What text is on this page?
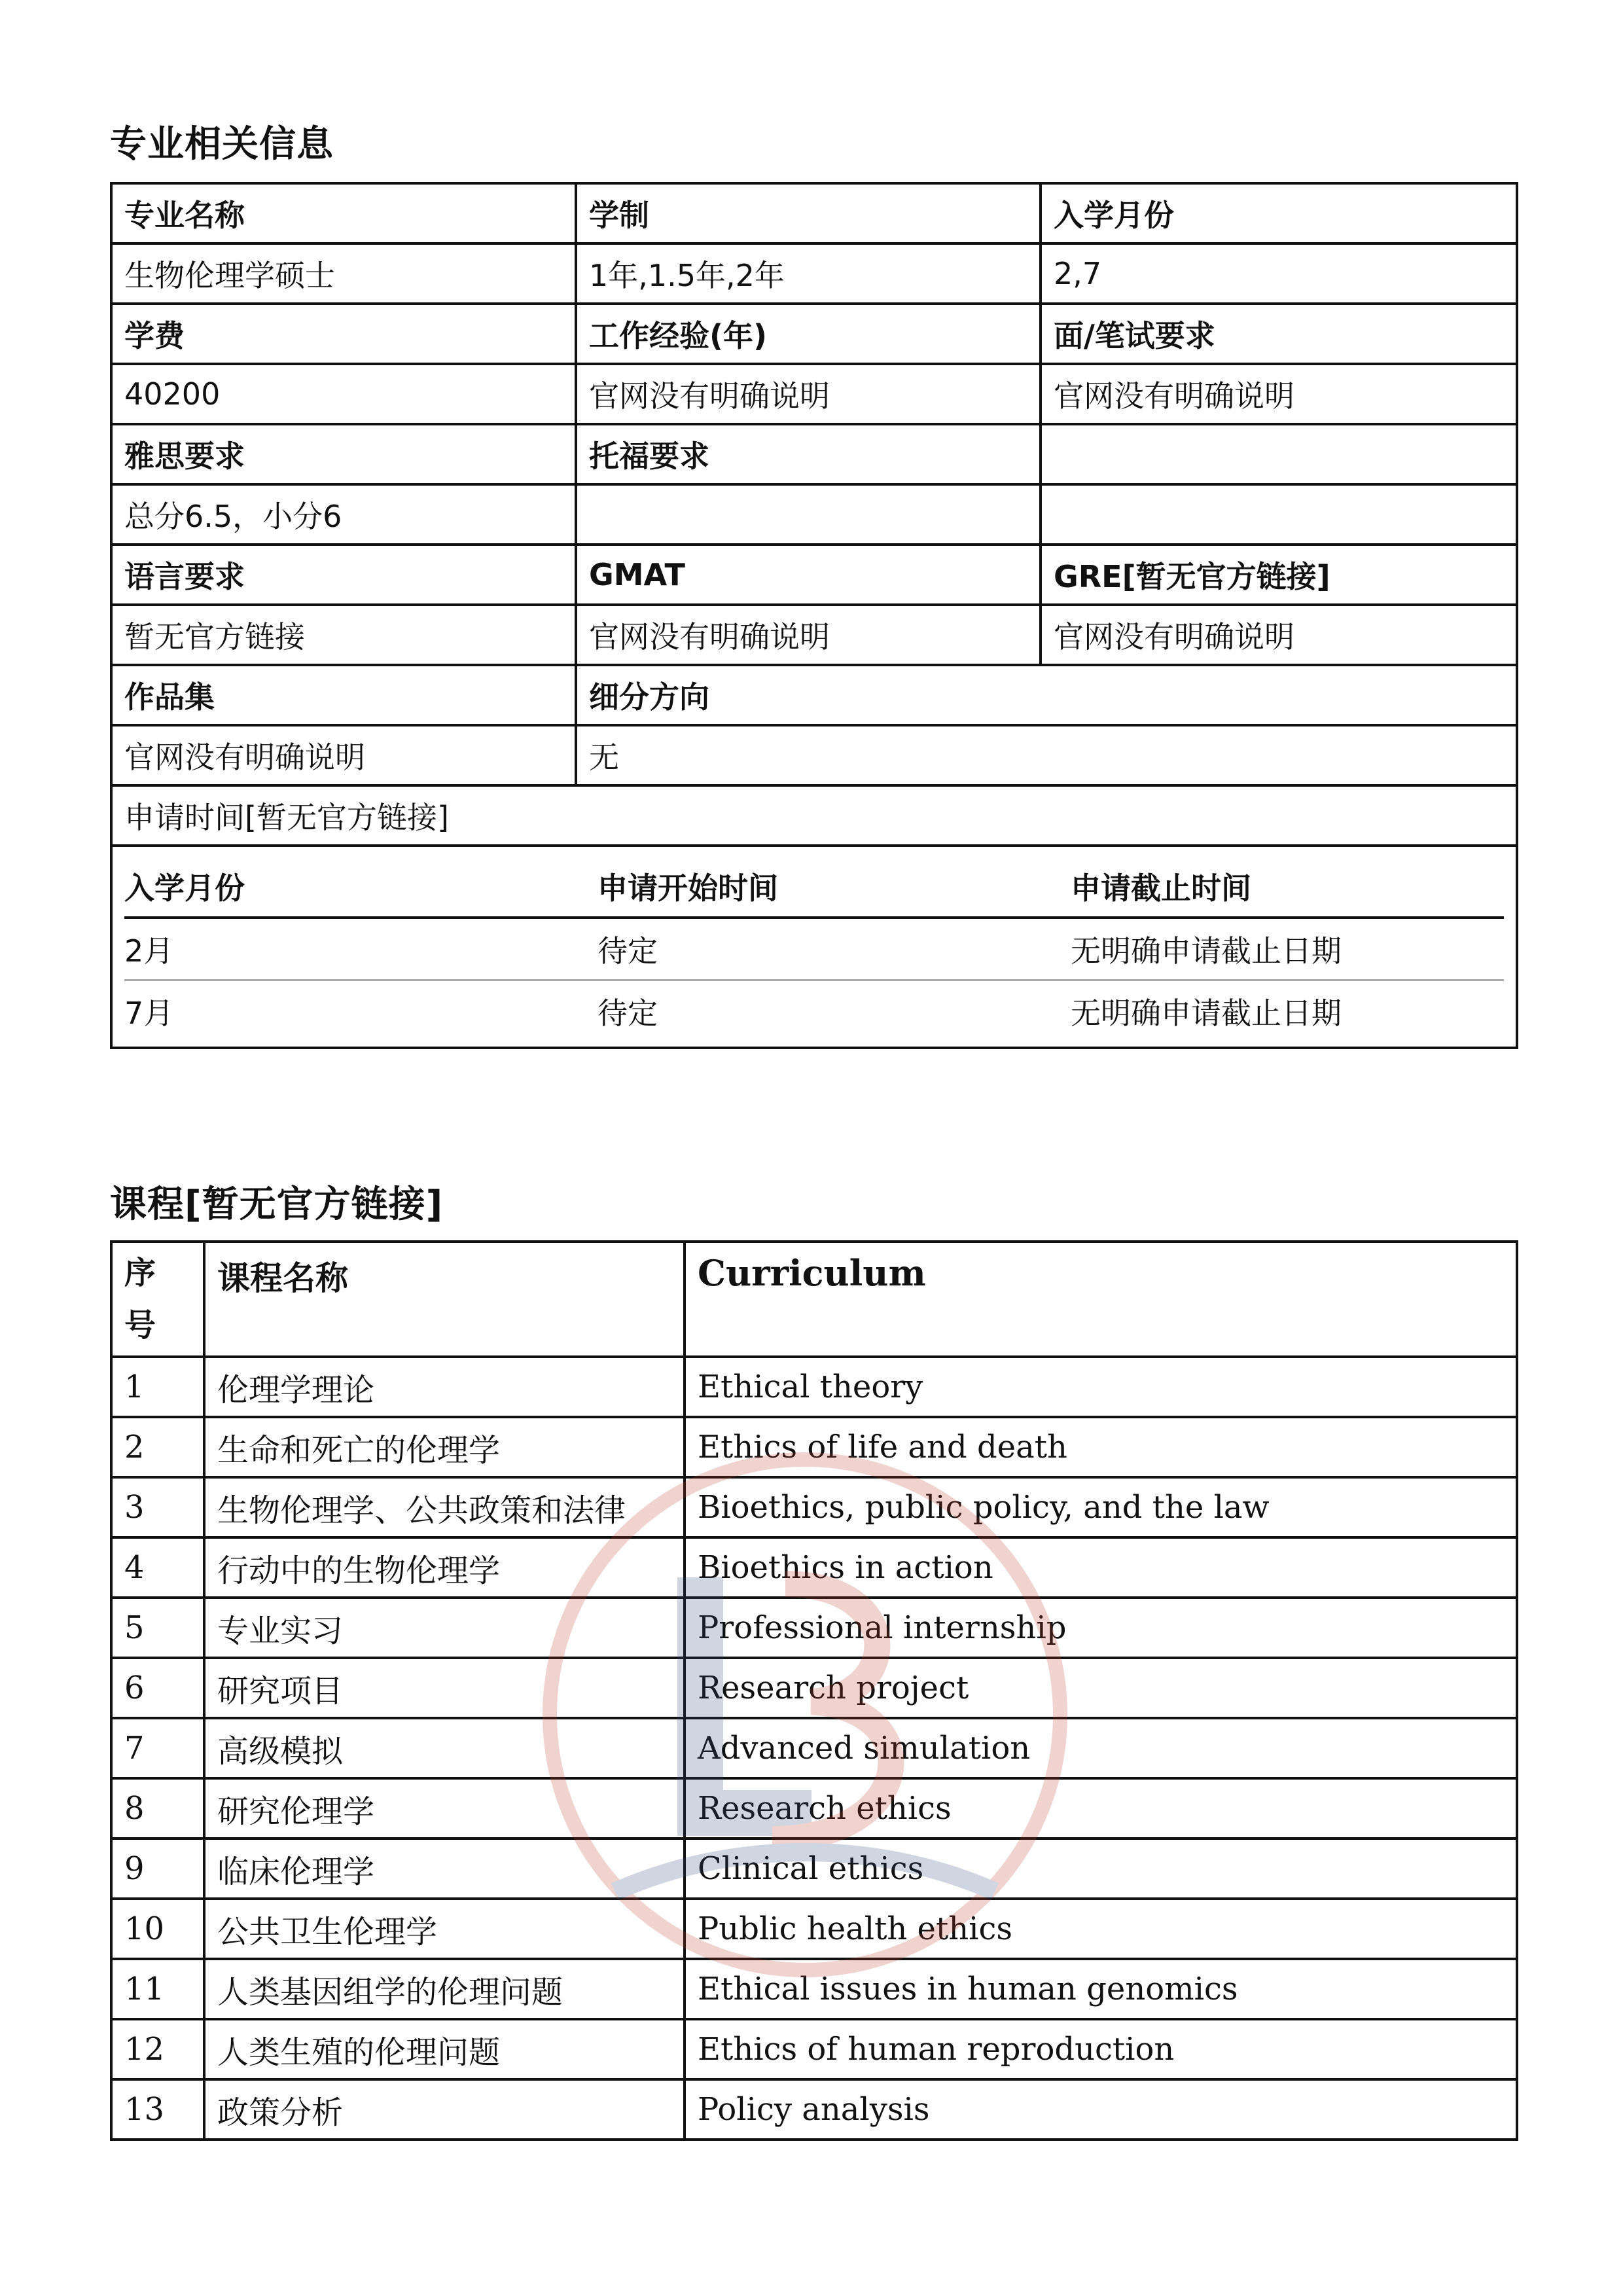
专业相关信息
专业名称	学制	入学月份
生物伦理学硕士	1年,1.5年,2年	2,7
学费	工作经验(年)	面/笔试要求
40200	官网没有明确说明	官网没有明确说明
雅思要求	托福要求	
总分6.5，小分6		
语言要求	GMAT	GRE[暂无官方链接]
暂无官方链接	官网没有明确说明	官网没有明确说明
作品集	细分方向
官网没有明确说明	无
申请时间[暂无官方链接]

入学月份	申请开始时间	申请截止时间
2月	待定	无明确申请截止日期
7月	待定	无明确申请截止日期
课程[暂无官方链接]
序号	课程名称	Curriculum
1	伦理学理论	Ethical theory
2	生命和死亡的伦理学	Ethics of life and death
3	生物伦理学、公共政策和法律	Bioethics, public policy, and the law
4	行动中的生物伦理学	Bioethics in action
5	专业实习	Professional internship
6	研究项目	Research project
7	高级模拟	Advanced simulation
8	研究伦理学	Research ethics
9	临床伦理学	Clinical ethics
10	公共卫生伦理学	Public health ethics
11	人类基因组学的伦理问题	Ethical issues in human genomics
12	人类生殖的伦理问题	Ethics of human reproduction
13	政策分析	Policy analysis
